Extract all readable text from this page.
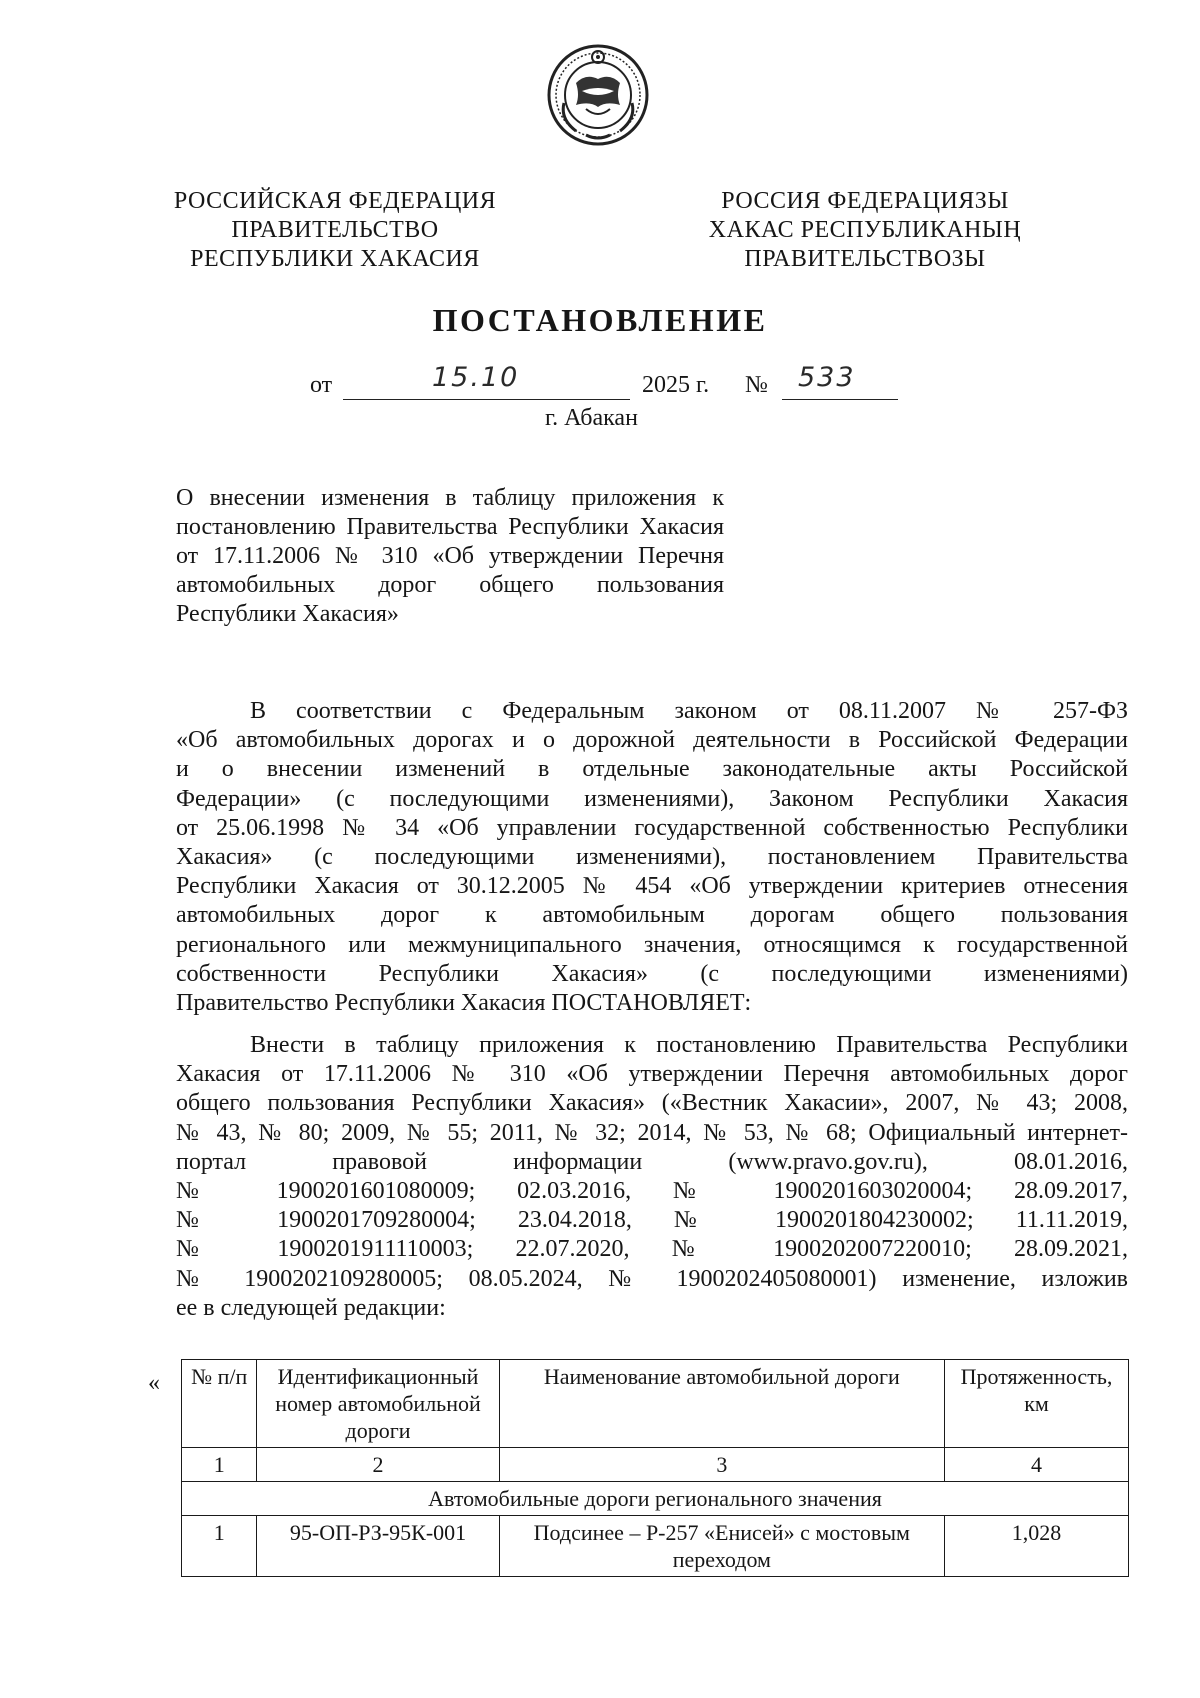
РОССИЙСКАЯ ФЕДЕРАЦИЯ
ПРАВИТЕЛЬСТВО
РЕСПУБЛИКИ ХАКАСИЯ
РОССИЯ ФЕДЕРАЦИЯЗЫ
ХАКАС РЕСПУБЛИКАНЫҢ
ПРАВИТЕЛЬСТВОЗЫ
ПОСТАНОВЛЕНИЕ
от	15.10	2025 г. № 533
г. Абакан
О внесении изменения в таблицу приложения к постановлению Правительства Республики Хакасия от 17.11.2006 № 310 «Об утверждении Перечня автомобильных дорог общего пользования Республики Хакасия»
В соответствии с Федеральным законом от 08.11.2007 № 257-ФЗ
«Об автомобильных дорогах и о дорожной деятельности в Российской Федерации
и о внесении изменений в отдельные законодательные акты Российской
Федерации» (с последующими изменениями), Законом Республики Хакасия
от 25.06.1998 № 34 «Об управлении государственной собственностью Республики
Хакасия» (с последующими изменениями), постановлением Правительства
Республики Хакасия от 30.12.2005 № 454 «Об утверждении критериев отнесения
автомобильных дорог к автомобильным дорогам общего пользования
регионального или межмуниципального значения, относящимся к государственной
собственности Республики Хакасия» (с последующими изменениями)
Правительство Республики Хакасия ПОСТАНОВЛЯЕТ:
Внести в таблицу приложения к постановлению Правительства Республики
Хакасия от 17.11.2006 № 310 «Об утверждении Перечня автомобильных дорог
общего пользования Республики Хакасия» («Вестник Хакасии», 2007, № 43; 2008,
№ 43, № 80; 2009, № 55; 2011, № 32; 2014, № 53, № 68; Официальный интернет-
портал правовой информации (www.pravo.gov.ru), 08.01.2016,
№ 1900201601080009; 02.03.2016, № 1900201603020004; 28.09.2017,
№ 1900201709280004; 23.04.2018, № 1900201804230002; 11.11.2019,
№ 1900201911110003; 22.07.2020, № 1900202007220010; 28.09.2021,
№ 1900202109280005; 08.05.2024, № 1900202405080001) изменение, изложив
ее в следующей редакции:
« № п/п	Идентификационный номер автомобильной дороги	Наименование автомобильной дороги	Протяженность, км
1	2	3	4
Автомобильные дороги регионального значения			
1	95-ОП-РЗ-95К-001	Подсинее – Р-257 «Енисей» с мостовым переходом	1,028
